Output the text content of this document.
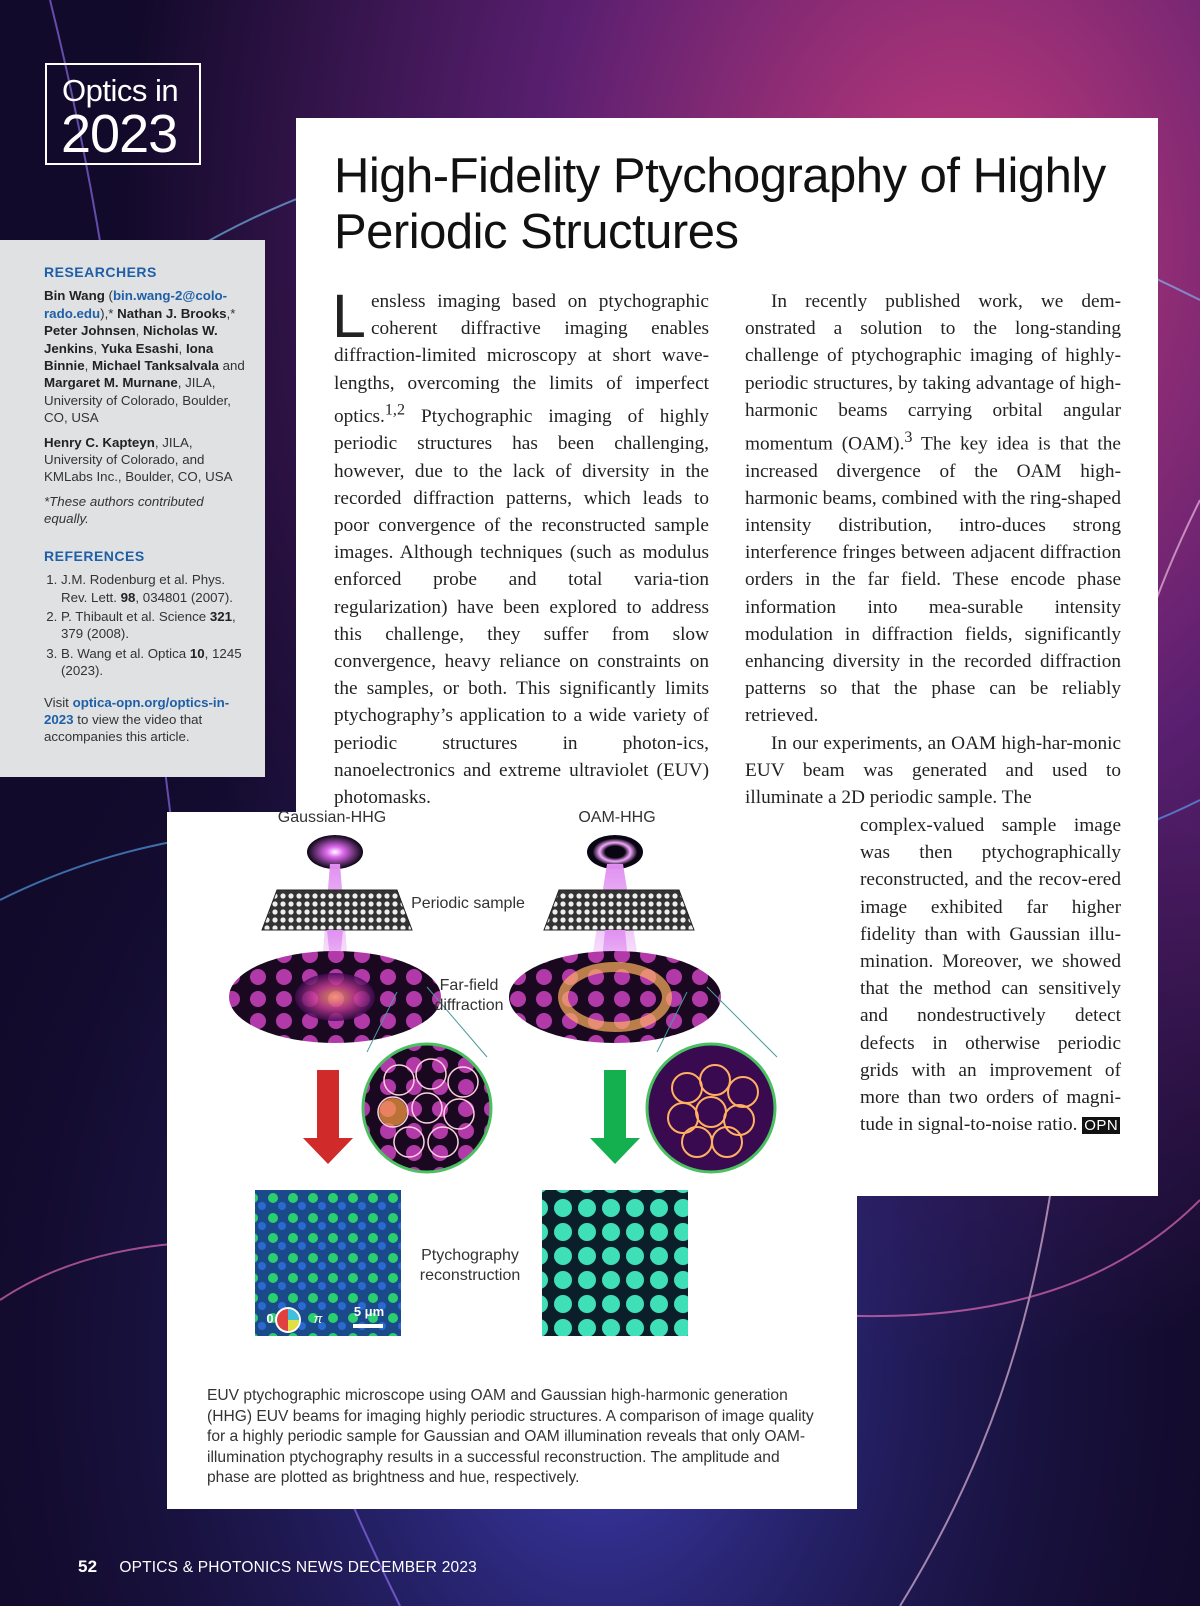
Optics in
2023
RESEARCHERS

Bin Wang (bin.wang-2@colo-rado.edu),* Nathan J. Brooks,* Peter Johnsen, Nicholas W. Jenkins, Yuka Esashi, Iona Binnie, Michael Tanksalvala and Margaret M. Murnane, JILA, University of Colorado, Boulder, CO, USA

Henry C. Kapteyn, JILA, University of Colorado, and KMLabs Inc., Boulder, CO, USA

*These authors contributed equally.

REFERENCES
1. J.M. Rodenburg et al. Phys. Rev. Lett. 98, 034801 (2007).
2. P. Thibault et al. Science 321, 379 (2008).
3. B. Wang et al. Optica 10, 1245 (2023).

Visit optica-opn.org/optics-in-2023 to view the video that accompanies this article.

High-Fidelity Ptychography of Highly Periodic Structures

Lensless imaging based on ptychographic coherent diffractive imaging enables diffraction-limited microscopy at short wave-lengths, overcoming the limits of imperfect optics.$^{1,2}$ Ptychographic imaging of highly periodic structures has been challenging, however, due to the lack of diversity in the recorded diffraction patterns, which leads to poor convergence of the reconstructed sample images. Although techniques (such as modulus enforced probe and total varia-tion regularization) have been explored to address this challenge, they suffer from slow convergence, heavy reliance on constraints on the samples, or both. This significantly limits ptychography’s application to a wide variety of periodic structures in photon-ics, nanoelectronics and extreme ultraviolet (EUV) photomasks.

In recently published work, we dem-onstrated a solution to the long-standing challenge of ptychographic imaging of highly-periodic structures, by taking advantage of high-harmonic beams carrying orbital angular momentum (OAM).$^3$ The key idea is that the increased divergence of the OAM high-harmonic beams, combined with the ring-shaped intensity distribution, intro-duces strong interference fringes between adjacent diffraction orders in the far field. These encode phase information into mea-surable intensity modulation in diffraction fields, significantly enhancing diversity in the recorded diffraction patterns so that the phase can be reliably retrieved.

In our experiments, an OAM high-har-monic EUV beam was generated and used to illuminate a 2D periodic sample. The

complex-valued sample image was then ptychographically reconstructed, and the recov-ered image exhibited far higher fidelity than with Gaussian illu-mination. Moreover, we showed that the method can sensitively and nondestructively detect defects in otherwise periodic grids with an improvement of more than two orders of magni-tude in signal-to-noise ratio. OPN

Gaussian-HHG	OAM-HHG
Periodic sample
Far-field diffraction
Ptychography reconstruction
0	π	5 μm

EUV ptychographic microscope using OAM and Gaussian high-harmonic generation (HHG) EUV beams for imaging highly periodic structures. A comparison of image quality for a highly periodic sample for Gaussian and OAM illumination reveals that only OAM-illumination ptychography results in a successful reconstruction. The amplitude and phase are plotted as brightness and hue, respectively.

52 OPTICS & PHOTONICS NEWS DECEMBER 2023
